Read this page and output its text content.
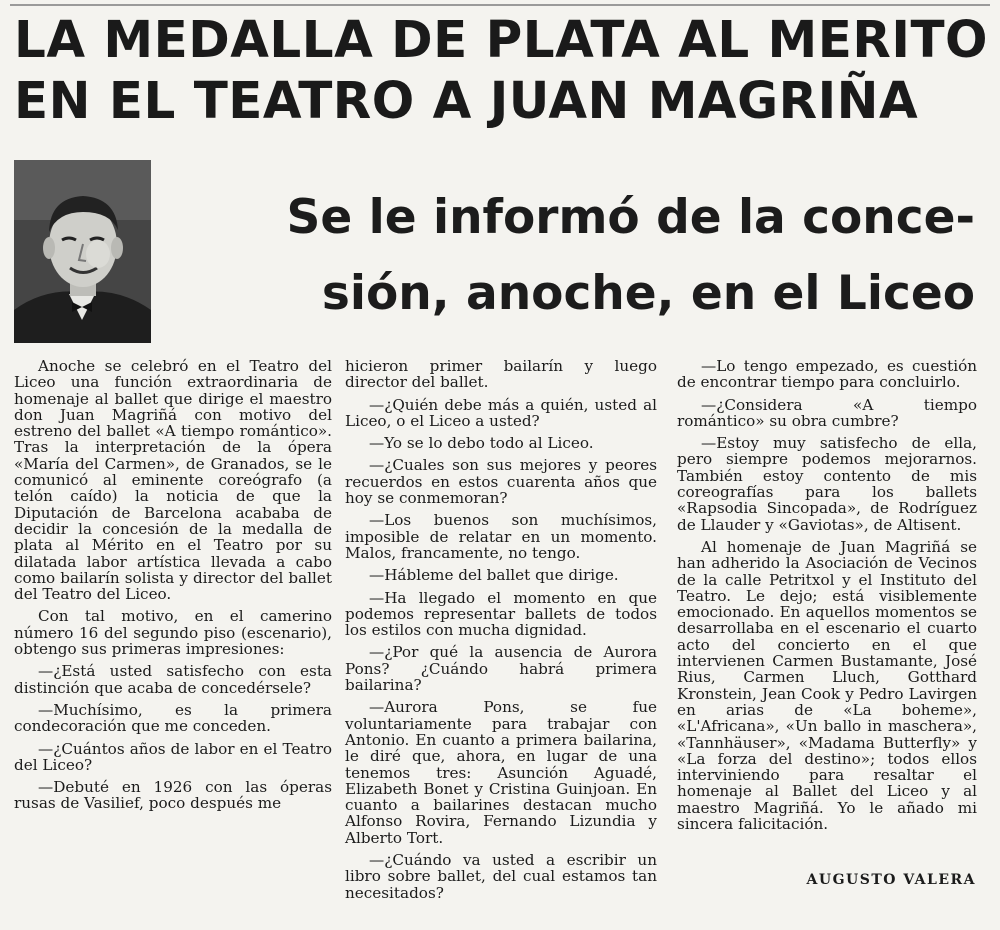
LA MEDALLA DE PLATA AL MERITO
EN EL TEATRO A JUAN MAGRIÑA
Se le informó de la conce-
sión, anoche, en el Liceo

Anoche se celebró en el Teatro del Liceo una función extraordinaria de homenaje al ballet que dirige el maestro don Juan Magriñá con motivo del estreno del ballet «A tiempo romántico». Tras la interpretación de la ópera «María del Carmen», de Granados, se le comunicó al eminente coreógrafo (a telón caído) la noticia de que la Diputación de Barcelona acababa de decidir la concesión de la medalla de plata al Mérito en el Teatro por su dilatada labor artística llevada a cabo como bailarín solista y director del ballet del Teatro del Liceo.

Con tal motivo, en el camerino número 16 del segundo piso (escenario), obtengo sus primeras impresiones:

—¿Está usted satisfecho con esta distinción que acaba de concedérsele?

—Muchísimo, es la primera condecoración que me conceden.

—¿Cuántos años de labor en el Teatro del Liceo?

—Debuté en 1926 con las óperas rusas de Vasilief, poco después me

hicieron primer bailarín y luego director del ballet.

—¿Quién debe más a quién, usted al Liceo, o el Liceo a usted?

—Yo se lo debo todo al Liceo.

—¿Cuales son sus mejores y peores recuerdos en estos cuarenta años que hoy se conmemoran?

—Los buenos son muchísimos, imposible de relatar en un momento. Malos, francamente, no tengo.

—Hábleme del ballet que dirige.

—Ha llegado el momento en que podemos representar ballets de todos los estilos con mucha dignidad.

—¿Por qué la ausencia de Aurora Pons? ¿Cuándo habrá primera bailarina?

—Aurora Pons, se fue voluntariamente para trabajar con Antonio. En cuanto a primera bailarina, le diré que, ahora, en lugar de una tenemos tres: Asunción Aguadé, Elizabeth Bonet y Cristina Guinjoan. En cuanto a bailarines destacan mucho Alfonso Rovira, Fernando Lizundia y Alberto Tort.

—¿Cuándo va usted a escribir un libro sobre ballet, del cual estamos tan necesitados?

—Lo tengo empezado, es cuestión de encontrar tiempo para concluirlo.

—¿Considera «A tiempo romántico» su obra cumbre?

—Estoy muy satisfecho de ella, pero siempre podemos mejorarnos. También estoy contento de mis coreografías para los ballets «Rapsodia Sincopada», de Rodríguez de Llauder y «Gaviotas», de Altisent.

Al homenaje de Juan Magriñá se han adherido la Asociación de Vecinos de la calle Petritxol y el Instituto del Teatro. Le dejo; está visiblemente emocionado. En aquellos momentos se desarrollaba en el escenario el cuarto acto del concierto en el que intervienen Carmen Bustamante, José Rius, Carmen Lluch, Gotthard Kronstein, Jean Cook y Pedro Lavirgen en arias de «La boheme», «L'Africana», «Un ballo in maschera», «Tannhäuser», «Madama Butterfly» y «La forza del destino»; todos ellos interviniendo para resaltar el homenaje al Ballet del Liceo y al maestro Magriñá. Yo le añado mi sincera falicitación.

AUGUSTO VALERA
